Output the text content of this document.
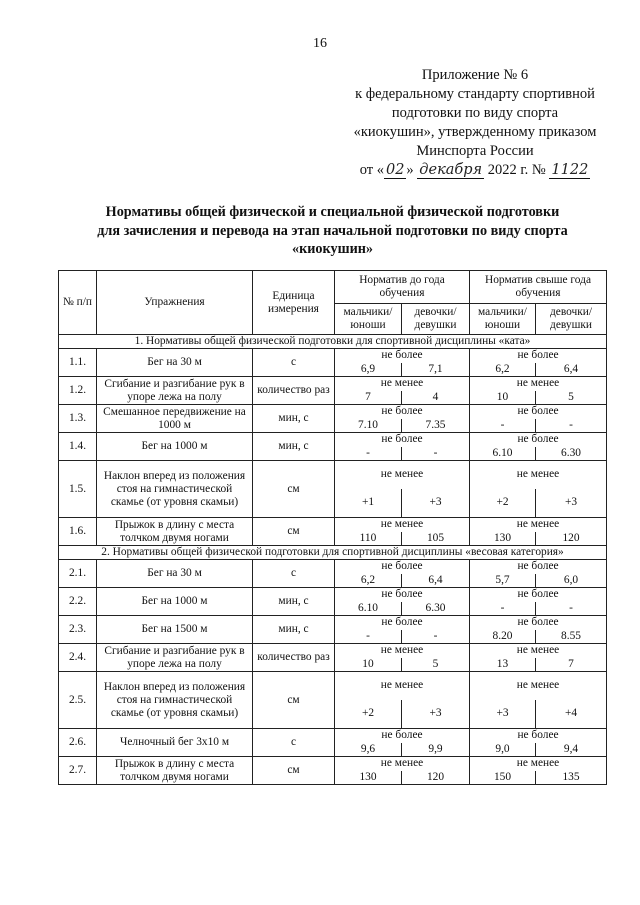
16
Приложение № 6
к федеральному стандарту спортивной
подготовки по виду спорта
«киокушин», утвержденному приказом
Минспорта России
от « 02 » декабря 2022 г. № 1122
Нормативы общей физической и специальной физической подготовки
для зачисления и перевода на этап начальной подготовки по виду спорта
«киокушин»
№ п/п	Упражнения	Единица измерения	Норматив до года обучения		Норматив свыше года обучения	
			мальчики/ юноши	девочки/ девушки	мальчики/ юноши	девочки/ девушки
1. Нормативы общей физической подготовки для спортивной дисциплины «ката»						
1.1.	Бег на 30 м	с	не более		не более	
			6,9	7,1	6,2	6,4
1.2.	Сгибание и разгибание рук в упоре лежа на полу	количество раз	не менее		не менее	
			7	4	10	5
1.3.	Смешанное передвижение на 1000 м	мин, с	не более		не более	
			7.10	7.35	-	-
1.4.	Бег на 1000 м	мин, с	не более		не более	
			-	-	6.10	6.30
1.5.	Наклон вперед из положения стоя на гимнастической скамье (от уровня скамьи)	см	не менее		не менее	
			+1	+3	+2	+3
1.6.	Прыжок в длину с места толчком двумя ногами	см	не менее		не менее	
			110	105	130	120
2. Нормативы общей физической подготовки для спортивной дисциплины «весовая категория»						
2.1.	Бег на 30 м	с	не более		не более	
			6,2	6,4	5,7	6,0
2.2.	Бег на 1000 м	мин, с	не более		не более	
			6.10	6.30	-	-
2.3.	Бег на 1500 м	мин, с	не более		не более	
			-	-	8.20	8.55
2.4.	Сгибание и разгибание рук в упоре лежа на полу	количество раз	не менее		не менее	
			10	5	13	7
2.5.	Наклон вперед из положения стоя на гимнастической скамье (от уровня скамьи)	см	не менее		не менее	
			+2	+3	+3	+4
2.6.	Челночный бег 3х10 м	с	не более		не более	
			9,6	9,9	9,0	9,4
2.7.	Прыжок в длину с места толчком двумя ногами	см	не менее		не менее	
			130	120	150	135
